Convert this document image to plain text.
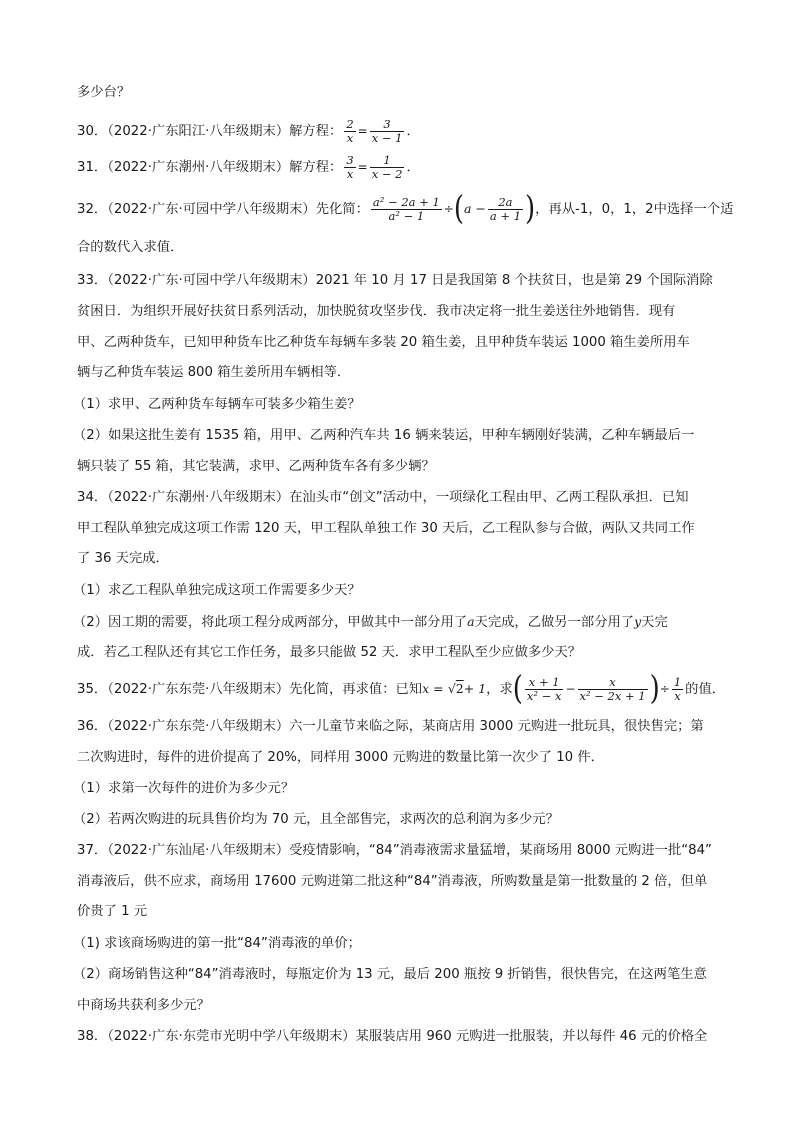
多少台？
30．（2022·广东阳江·八年级期末）解方程： $\frac{2}{x} = \frac{3}{x - 1}$ ．
31．（2022·广东潮州·八年级期末）解方程： $\frac{3}{x} = \frac{1}{x - 2}$ ．
32．（2022·广东·可园中学八年级期末）先化简： $\frac{\text{a² − 2a + 1}}{\text{a² − 1}} \div(a - \frac{2a}{a + 1}$ )，再从-1，0，1，2中选择一个适
合的数代入求值．
33．（2022·广东·可园中学八年级期末）2021 年 10 月 17 日是我国第 8 个扶贫日，也是第 29 个国际消除
贫困日．为组织开展好扶贫日系列活动，加快脱贫攻坚步伐．我市决定将一批生姜送往外地销售．现有
甲、乙两种货车，已知甲种货车比乙种货车每辆车多装 20 箱生姜，且甲种货车装运 1000 箱生姜所用车
辆与乙种货车装运 800 箱生姜所用车辆相等．
（1）求甲、乙两种货车每辆车可装多少箱生姜？
（2）如果这批生姜有 1535 箱，用甲、乙两种汽车共 16 辆来装运，甲种车辆刚好装满，乙种车辆最后一
辆只装了 55 箱，其它装满，求甲、乙两种货车各有多少辆？
34．（2022·广东潮州·八年级期末）在汕头市“创文”活动中，一项绿化工程由甲、乙两工程队承担．已知
甲工程队单独完成这项工作需 120 天，甲工程队单独工作 30 天后，乙工程队参与合做，两队又共同工作
了 36 天完成．
（1）求乙工程队单独完成这项工作需要多少天？
（2）因工期的需要，将此项工程分成两部分，甲做其中一部分用了a天完成，乙做另一部分用了y天完
成．若乙工程队还有其它工作任务，最多只能做 52 天．求甲工程队至少应做多少天？
35．（2022·广东东莞·八年级期末）先化简，再求值：已知x = √2+ 1，求( $\frac{x + 1}{\text{x² − x}} - \frac{x}{\text{x² − 2x + 1}}$ )÷ $\frac{1}{x}$ 的值．
36．（2022·广东东莞·八年级期末）六一儿童节来临之际，某商店用 3000 元购进一批玩具，很快售完；第
二次购进时，每件的进价提高了 20%，同样用 3000 元购进的数量比第一次少了 10 件．
（1）求第一次每件的进价为多少元？
（2）若两次购进的玩具售价均为 70 元，且全部售完，求两次的总利润为多少元？
37．（2022·广东汕尾·八年级期末）受疫情影响，“84”消毒液需求量猛增，某商场用 8000 元购进一批“84”
消毒液后，供不应求，商场用 17600 元购进第二批这种“84”消毒液，所购数量是第一批数量的 2 倍，但单
价贵了 1 元
（1) 求该商场购进的第一批“84”消毒液的单价；
（2）商场销售这种“84”消毒液时，每瓶定价为 13 元，最后 200 瓶按 9 折销售，很快售完，在这两笔生意
中商场共获利多少元？
38．（2022·广东·东莞市光明中学八年级期末）某服装店用 960 元购进一批服装，并以每件 46 元的价格全
